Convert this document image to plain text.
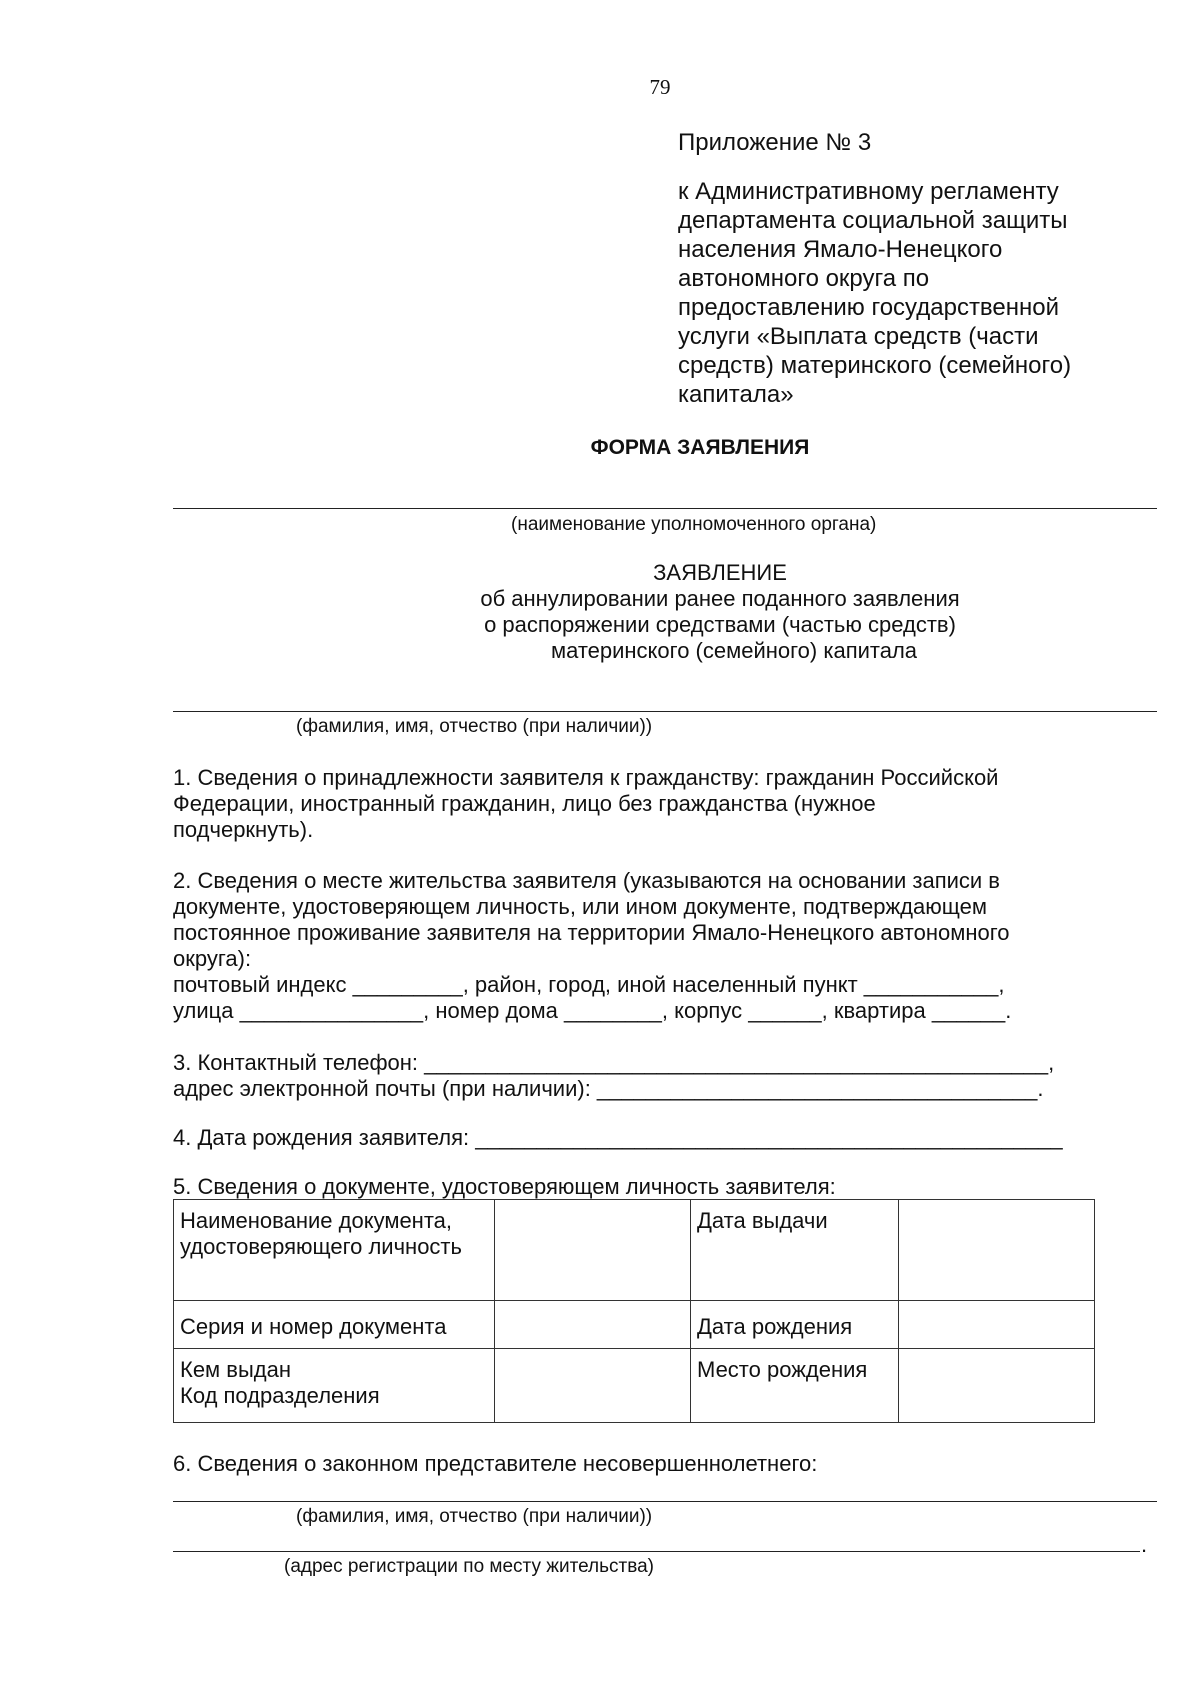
79
Приложение № 3
к Административному регламенту
департамента социальной защиты
населения Ямало-Ненецкого
автономного округа по
предоставлению государственной
услуги «Выплата средств (части
средств) материнского (семейного)
капитала»
ФОРМА ЗАЯВЛЕНИЯ
(наименование уполномоченного органа)
ЗАЯВЛЕНИЕ
об аннулировании ранее поданного заявления
о распоряжении средствами (частью средств)
материнского (семейного) капитала
(фамилия, имя, отчество (при наличии))
1. Сведения о принадлежности заявителя к гражданству: гражданин Российской
Федерации, иностранный гражданин, лицо без гражданства (нужное
подчеркнуть).
2. Сведения о месте жительства заявителя (указываются на основании записи в
документе, удостоверяющем личность, или ином документе, подтверждающем
постоянное проживание заявителя на территории Ямало-Ненецкого автономного
округа):
почтовый индекс _________, район, город, иной населенный пункт ___________,
улица _______________, номер дома ________, корпус ______, квартира ______.
3. Контактный телефон: ___________________________________________________,
адрес электронной почты (при наличии): ____________________________________.
4. Дата рождения заявителя: ________________________________________________
5. Сведения о документе, удостоверяющем личность заявителя:
Наименование документа, удостоверяющего личность		Дата выдачи	
Серия и номер документа		Дата рождения	

Кем выдан
Код подразделения		Место рождения	
6. Сведения о законном представителе несовершеннолетнего:
(фамилия, имя, отчество (при наличии))
.
(адрес регистрации по месту жительства)
